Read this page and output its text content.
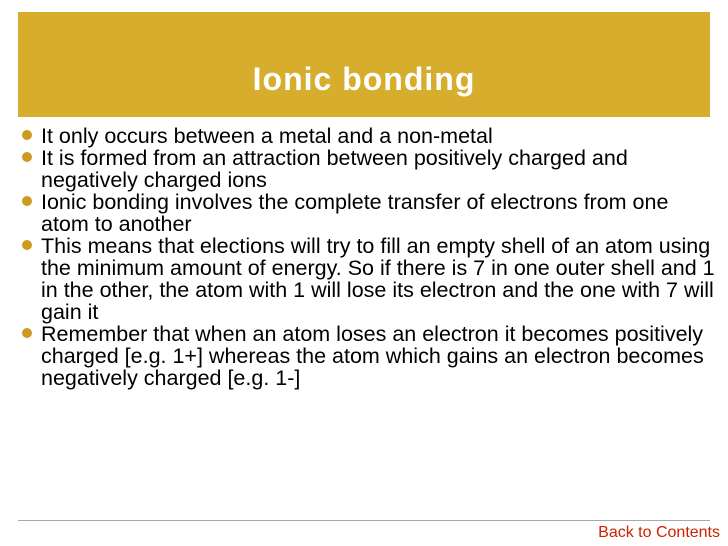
Ionic bonding
It only occurs between a metal and a non-metal
It is formed from an attraction between positively charged and negatively charged ions
Ionic bonding involves the complete transfer of electrons from one atom to another
This means that elections will try to fill an empty shell of an atom using the minimum amount of energy. So if there is 7 in one outer shell and 1 in the other, the atom with 1 will lose its electron and the one with 7 will gain it
Remember that when an atom loses an electron it becomes positively charged [e.g. 1+] whereas the atom which gains an electron becomes negatively charged [e.g. 1-]
Back to Contents
